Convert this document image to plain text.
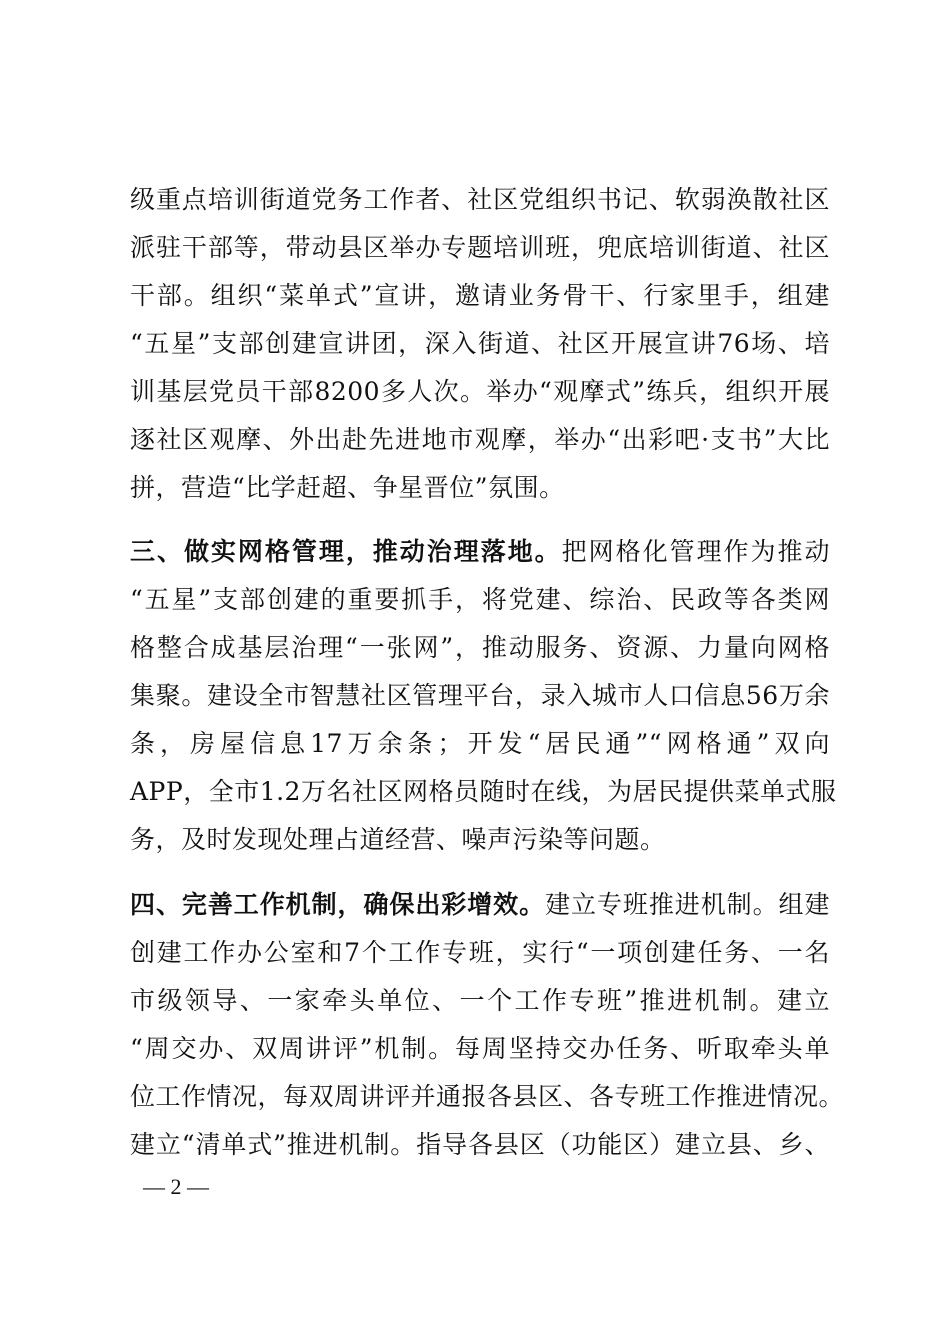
级重点培训街道党务工作者、社区党组织书记、软弱涣散社区
派驻干部等，带动县区举办专题培训班，兜底培训街道、社区
干部。组织“菜单式”宣讲，邀请业务骨干、行家里手，组建
“五星”支部创建宣讲团，深入街道、社区开展宣讲76场、培
训基层党员干部8200多人次。举办“观摩式”练兵，组织开展
逐社区观摩、外出赴先进地市观摩，举办“出彩吧·支书”大比
拼，营造“比学赶超、争星晋位”氛围。
三、做实网格管理，推动治理落地。把网格化管理作为推动
“五星”支部创建的重要抓手，将党建、综治、民政等各类网
格整合成基层治理“一张网”，推动服务、资源、力量向网格
集聚。建设全市智慧社区管理平台，录入城市人口信息56万余
条，房屋信息17万余条；开发“居民通”“网格通”双向
APP，全市1.2万名社区网格员随时在线，为居民提供菜单式服
务，及时发现处理占道经营、噪声污染等问题。
四、完善工作机制，确保出彩增效。建立专班推进机制。组建
创建工作办公室和7个工作专班，实行“一项创建任务、一名
市级领导、一家牵头单位、一个工作专班”推进机制。建立
“周交办、双周讲评”机制。每周坚持交办任务、听取牵头单
位工作情况，每双周讲评并通报各县区、各专班工作推进情况。
建立“清单式”推进机制。指导各县区（功能区）建立县、乡、
— 2 —
